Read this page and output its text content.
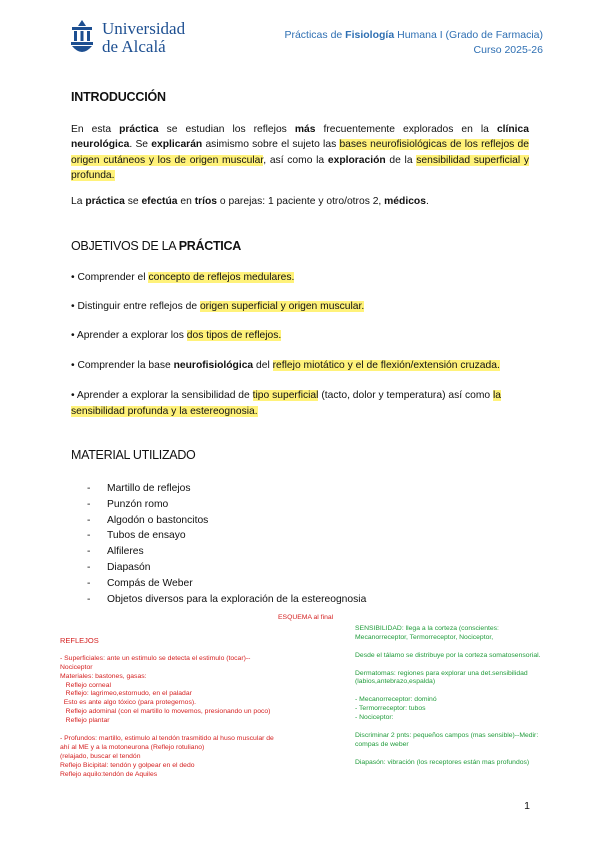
Universidad
de Alcalá
Prácticas de Fisiología Humana I (Grado de Farmacia)
Curso 2025-26
INTRODUCCIÓN
En esta práctica se estudian los reflejos más frecuentemente explorados en la clínica neurológica. Se explicarán asimismo sobre el sujeto las bases neurofisiológicas de los reflejos de origen cutáneos y los de origen muscular, así como la exploración de la sensibilidad superficial y profunda.
La práctica se efectúa en tríos o parejas: 1 paciente y otro/otros 2, médicos.
OBJETIVOS DE LA PRÁCTICA
• Comprender el concepto de reflejos medulares.
• Distinguir entre reflejos de origen superficial y origen muscular.
• Aprender a explorar los dos tipos de reflejos.
• Comprender la base neurofisiológica del reflejo miotático y el de flexión/extensión cruzada.
• Aprender a explorar la sensibilidad de tipo superficial (tacto, dolor y temperatura) así como la sensibilidad profunda y la estereognosia.
MATERIAL UTILIZADO
-	Martillo de reflejos
-	Punzón romo
-	Algodón o bastoncitos
-	Tubos de ensayo
-	Alfileres
-	Diapasón
-	Compás de Weber
-	Objetos diversos para la exploración de la estereognosia
ESQUEMA al final
REFLEJOS

- Superficiales: ante un estimulo se detecta el estimulo (tocar)--
Nociceptor
Materiales: bastones, gasas:
Reflejo corneal
Reflejo: lagrimeo,estornudo, en el paladar
Esto es ante algo tóxico (para protegernos).
Reflejo adominal (con el martillo lo movemos, presionando un poco)
Reflejo plantar

- Profundos: martillo, estimulo al tendón trasmitido al huso muscular de
ahí al ME y a la motoneurona (Reflejo rotuliano)
(relajado, buscar el tendón
Reflejo Bicipital: tendón y golpear en el dedo
Reflejo aquilo:tendón de Aquiles
SENSIBILIDAD: llega a la corteza (conscientes:
Mecanorreceptor, Termorreceptor, Nociceptor,

Desde el tálamo se distribuye por la corteza somatosensorial.

Dermatomas: regiones para explorar una det.sensibilidad
(labios,antebrazo,espalda)

- Mecanorreceptor: dominó
- Termorreceptor: tubos
- Nociceptor:

Discriminar 2 pnts: pequeños campos (mas sensible)--Medir:
compas de weber

Diapasón: vibración (los receptores están mas profundos)
1
